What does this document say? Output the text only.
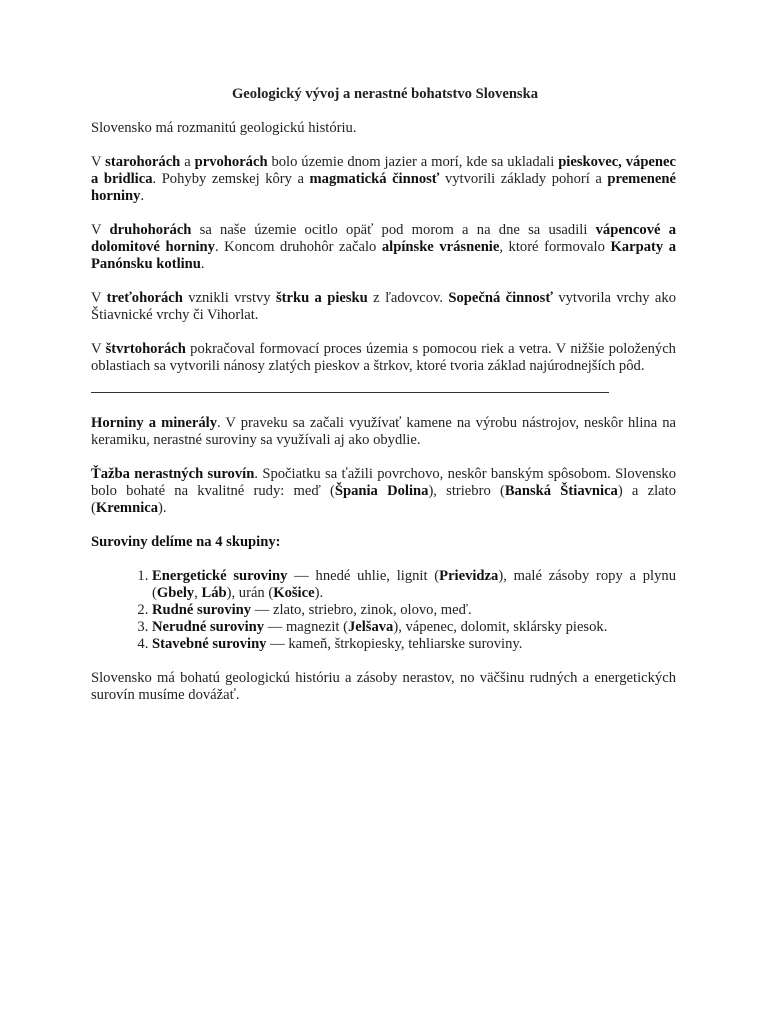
Geologický vývoj a nerastné bohatstvo Slovenska

Slovensko má rozmanitú geologickú históriu.

V starohorách a prvohorách bolo územie dnom jazier a morí, kde sa ukladali pieskovec, vápenec a bridlica. Pohyby zemskej kôry a magmatická činnosť vytvorili základy pohorí a premenené horniny.

V druhohorách sa naše územie ocitlo opäť pod morom a na dne sa usadili vápencové a dolomitové horniny. Koncom druhohôr začalo alpínske vrásnenie, ktoré formovalo Karpaty a Panónsku kotlinu.

V treťohorách vznikli vrstvy štrku a piesku z ľadovcov. Sopečná činnosť vytvorila vrchy ako Štiavnické vrchy či Vihorlat.

V štvrtohorách pokračoval formovací proces územia s pomocou riek a vetra. V nižšie položených oblastiach sa vytvorili nánosy zlatých pieskov a štrkov, ktoré tvoria základ najúrodnejších pôd.

Horniny a minerály. V praveku sa začali využívať kamene na výrobu nástrojov, neskôr hlina na keramiku, nerastné suroviny sa využívali aj ako obydlie.

Ťažba nerastných surovín. Spočiatku sa ťažili povrchovo, neskôr banským spôsobom. Slovensko bolo bohaté na kvalitné rudy: meď (Špania Dolina), striebro (Banská Štiavnica) a zlato (Kremnica).

Suroviny delíme na 4 skupiny:

1. Energetické suroviny — hnedé uhlie, lignit (Prievidza), malé zásoby ropy a plynu (Gbely, Láb), urán (Košice).
2. Rudné suroviny — zlato, striebro, zinok, olovo, meď.
3. Nerudné suroviny — magnezit (Jelšava), vápenec, dolomit, sklársky piesok.
4. Stavebné suroviny — kameň, štrkopiesky, tehliarske suroviny.

Slovensko má bohatú geologickú históriu a zásoby nerastov, no väčšinu rudných a energetických surovín musíme dovážať.
